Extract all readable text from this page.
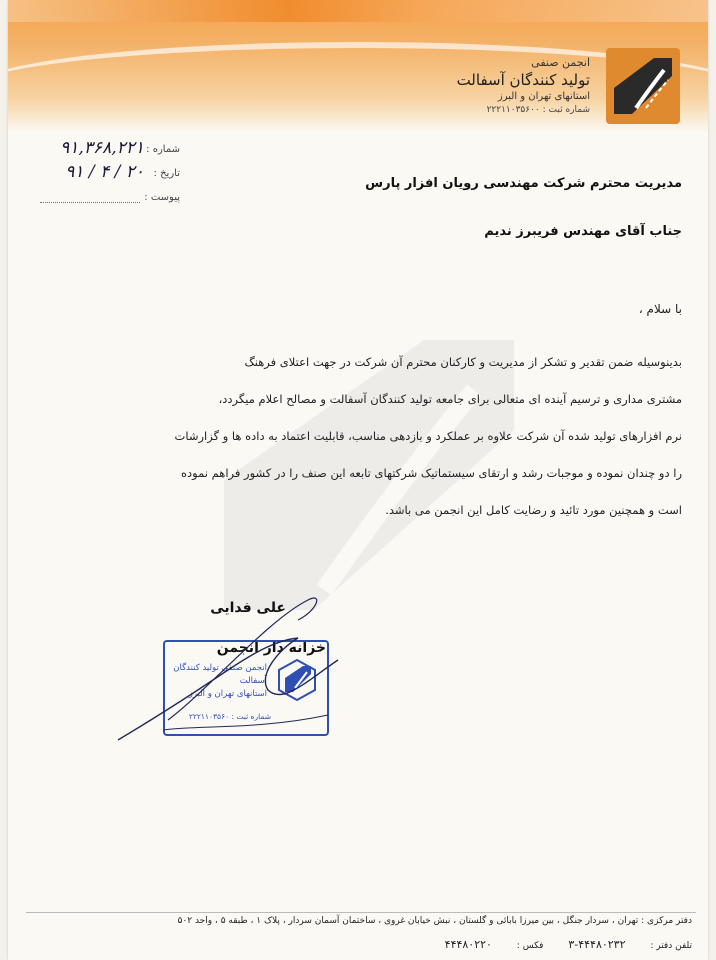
انجمن صنفی
تولید کنندگان آسفالت
استانهای تهران و البرز
شماره ثبت : ۲۲۲۱۱۰۳۵۶۰۰
شماره :
۹۱,۳۶۸,۲۲۱
تاریخ :
۹۱ / ۴ / ۲۰
پیوست :
مدیریت محترم شرکت مهندسی رویان افزار پارس
جناب آقای مهندس فریبرز ندیم
با سلام ،
بدینوسیله ضمن تقدیر و تشکر از مدیریت و کارکنان محترم آن شرکت در جهت اعتلای فرهنگ
مشتری مداری و ترسیم آینده ای متعالی برای جامعه تولید کنندگان آسفالت و مصالح اعلام میگردد،
نرم افزارهای تولید شده آن شرکت علاوه بر عملکرد و بازدهی مناسب، قابلیت اعتماد به داده ها و گزارشات
را دو چندان نموده و موجبات رشد و ارتقای سیستماتیک شرکتهای تابعه این صنف را در کشور فراهم نموده
است و همچنین مورد تائید و رضایت کامل این انجمن می باشد.
علی فدایی
خزانه دار انجمن
انجمن صنفی تولید کنندگان آسفالت
استانهای تهران و البرز
شماره ثبت : ۲۲۲۱۱۰۳۵۶۰
دفتر مرکزی : تهران ، سردار جنگل ، بین میرزا بابائی و گلستان ، نبش خیابان غروی ، ساختمان آسمان سردار ، پلاک ۱ ، طبقه ۵ ، واحد ۵۰۲
تلفن دفتر : ۴۴۴۸۰۲۳۲-۳ فکس : ۴۴۴۸۰۲۲۰
